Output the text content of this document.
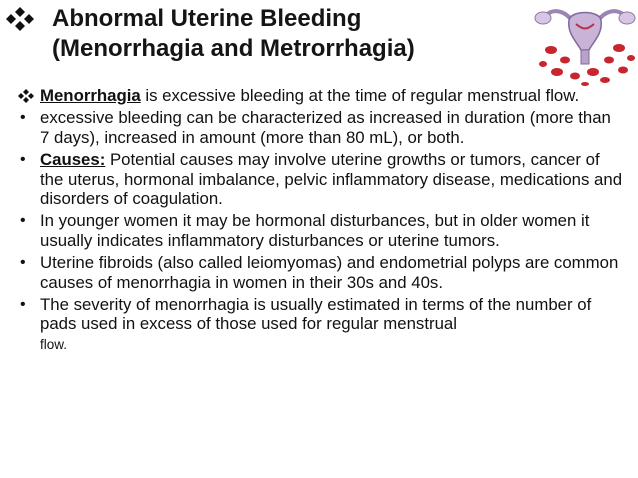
Abnormal Uterine Bleeding
(Menorrhagia and Metrorrhagia)
Menorrhagia is excessive bleeding at the time of regular menstrual flow.
• excessive bleeding can be characterized as increased in duration (more than 7 days), increased in amount (more than 80 mL), or both.
• Causes: Potential causes may involve uterine growths or tumors, cancer of the uterus, hormonal imbalance, pelvic inflammatory disease, medications and disorders of coagulation.
• In younger women it may be hormonal disturbances, but in older women it usually indicates inflammatory disturbances or uterine tumors.
• Uterine fibroids (also called leiomyomas) and endometrial polyps are common causes of menorrhagia in women in their 30s and 40s.
• The severity of menorrhagia is usually estimated in terms of the number of pads used in excess of those used for regular menstrual
flow.
